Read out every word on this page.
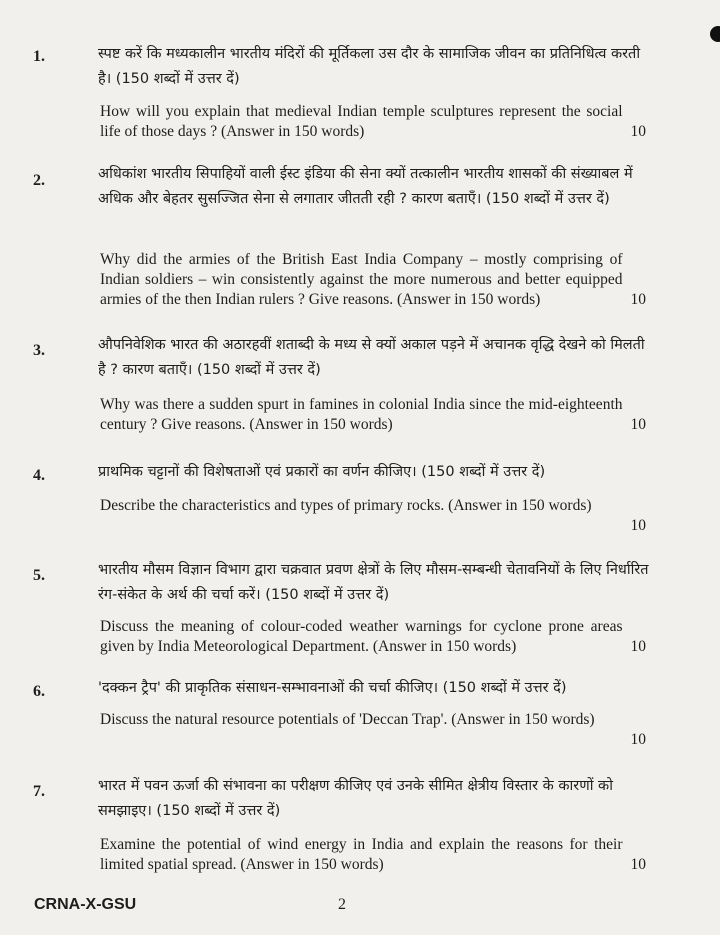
1.	स्पष्ट करें कि मध्यकालीन भारतीय मंदिरों की मूर्तिकला उस दौर के सामाजिक जीवन का प्रतिनिधित्व करती है। (150 शब्दों में उत्तर दें)
10
How will you explain that medieval Indian temple sculptures represent the social life of those days ? (Answer in 150 words)
2.	अधिकांश भारतीय सिपाहियों वाली ईस्ट इंडिया की सेना क्यों तत्कालीन भारतीय शासकों की संख्याबल में अधिक और बेहतर सुसज्जित सेना से लगातार जीतती रही ? कारण बताएँ। (150 शब्दों में उत्तर दें)
10
Why did the armies of the British East India Company – mostly comprising of Indian soldiers – win consistently against the more numerous and better equipped armies of the then Indian rulers ? Give reasons. (Answer in 150 words)
3.	औपनिवेशिक भारत की अठारहवीं शताब्दी के मध्य से क्यों अकाल पड़ने में अचानक वृद्धि देखने को मिलती है ? कारण बताएँ। (150 शब्दों में उत्तर दें)
10
Why was there a sudden spurt in famines in colonial India since the mid-eighteenth century ? Give reasons. (Answer in 150 words)
4.	प्राथमिक चट्टानों की विशेषताओं एवं प्रकारों का वर्णन कीजिए। (150 शब्दों में उत्तर दें)
Describe the characteristics and types of primary rocks. (Answer in 150 words)
10
5.	भारतीय मौसम विज्ञान विभाग द्वारा चक्रवात प्रवण क्षेत्रों के लिए मौसम-सम्बन्धी चेतावनियों के लिए निर्धारित रंग-संकेत के अर्थ की चर्चा करें। (150 शब्दों में उत्तर दें)
10
Discuss the meaning of colour-coded weather warnings for cyclone prone areas given by India Meteorological Department. (Answer in 150 words)
6.	'दक्कन ट्रैप' की प्राकृतिक संसाधन-सम्भावनाओं की चर्चा कीजिए। (150 शब्दों में उत्तर दें)
Discuss the natural resource potentials of 'Deccan Trap'. (Answer in 150 words)
10
7.	भारत में पवन ऊर्जा की संभावना का परीक्षण कीजिए एवं उनके सीमित क्षेत्रीय विस्तार के कारणों को समझाइए। (150 शब्दों में उत्तर दें)
10
Examine the potential of wind energy in India and explain the reasons for their limited spatial spread. (Answer in 150 words)
CRNA-X-GSU	2
